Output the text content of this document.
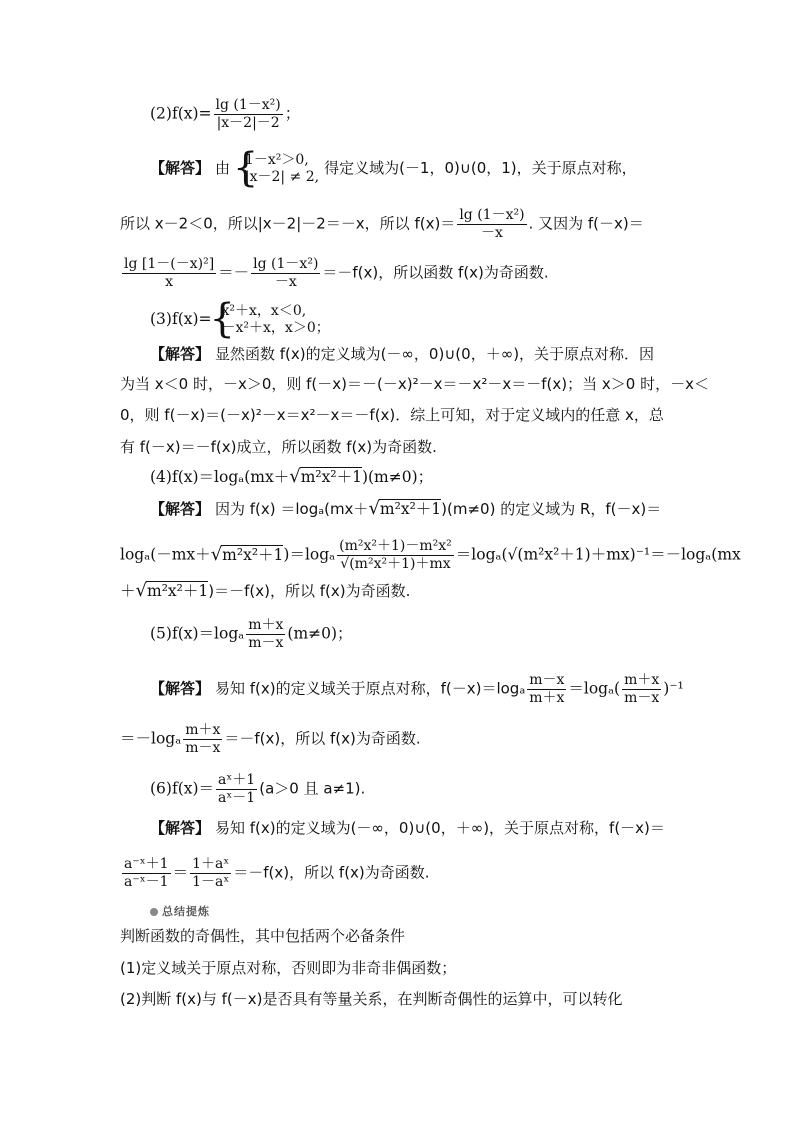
$(2)f(x)= \frac{\text{lg (1－x²)}}{|x-2|-2}$ ；
【解答】 由 { 1－x²＞0,
|x－2| ≠ 2, 得定义域为(－1，0)∪(0，1)，关于原点对称，
所以 x－2＜0，所以|x－2|－2＝－x，所以 $f(x)= \frac{\text{lg (1－x²)}}{-x}$ . 又因为 f(－x)＝
$\frac{\text{lg [1－(－x)²]}}{x} =- \frac{\text{lg (1－x²)}}{-x} =-f(x)$，所以函数 f(x)为奇函数.
(3)f(x)= { x²＋x，x＜0,
－x²＋x，x＞0；
【解答】 显然函数 f(x)的定义域为(－∞，0)∪(0，＋∞)，关于原点对称．因
为当 x＜0 时，－x＞0，则 f(－x)＝－(－x)²－x＝－x²－x＝－f(x)；当 x＞0 时，－x＜
0，则 f(－x)＝(－x)²－x＝x²－x＝－f(x)．综上可知，对于定义域内的任意 x，总
有 f(－x)＝－f(x)成立，所以函数 f(x)为奇函数.
(4)f(x)＝logₐ(mx＋√m²x²＋1)(m≠0)；
【解答】 因为 f(x) ＝logₐ(mx＋√m²x²＋1)(m≠0) 的定义域为 R，f(－x)＝
$\log_a(-mx+√m^2x^2+1)=\log_a \frac{\text{(m²x²＋1)－m²x²}}{\text{√(m²x²＋1)＋mx}} =\log_a(√(m^2x^2+1)+mx)^{-1}=-\log_a(mx$
＋√m²x²＋1)＝－f(x)，所以 f(x)为奇函数.
$(5)f(x)=\log_a \frac{m+x}{m-x} (m\ne 0)$；
【解答】 易知 f(x)的定义域关于原点对称，$f(-x)=\log_a \frac{m-x}{m+x} =\log_a( \frac{m+x}{m-x} )^{-1}$
$=-\log_a \frac{m+x}{m-x} =-f(x)$，所以 f(x)为奇函数.
$(6)f(x)= \frac{\text{aˣ＋1}}{\text{aˣ－1}} (a>0$ 且 a≠1).
【解答】 易知 f(x)的定义域为(－∞，0)∪(0，＋∞)，关于原点对称，f(－x)＝
$\frac{\text{a⁻ˣ＋1}}{\text{a⁻ˣ－1}} = \frac{\text{1＋aˣ}}{\text{1－aˣ}} =-f(x)$，所以 f(x)为奇函数.
总结提炼
判断函数的奇偶性，其中包括两个必备条件
(1)定义域关于原点对称，否则即为非奇非偶函数；
(2)判断 f(x)与 f(－x)是否具有等量关系，在判断奇偶性的运算中，可以转化
